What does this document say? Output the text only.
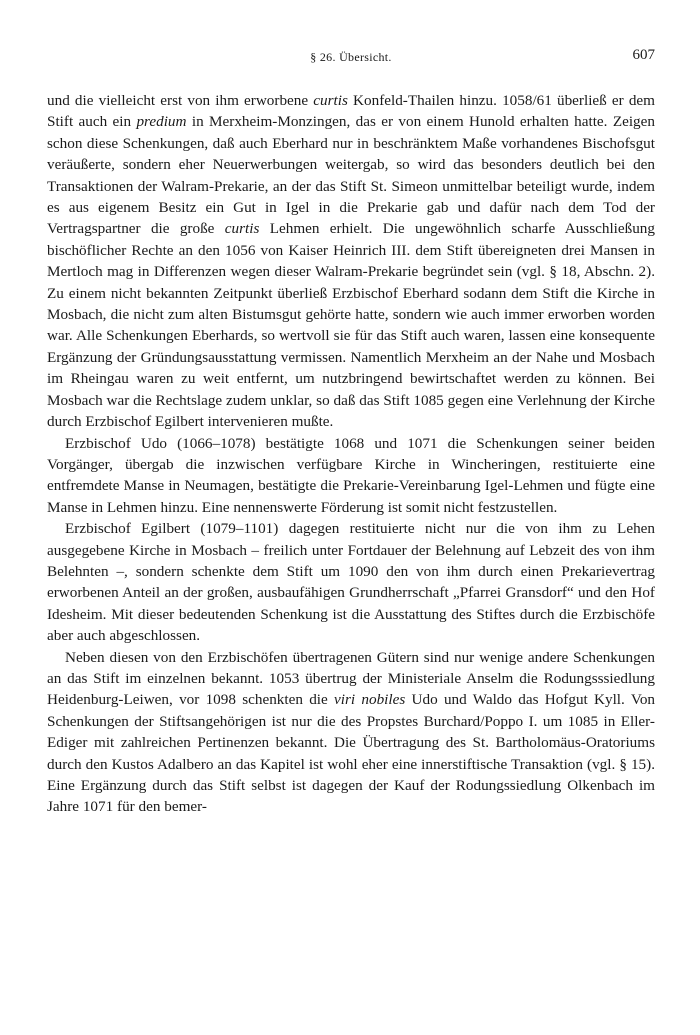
§ 26. Übersicht.	607

und die vielleicht erst von ihm erworbene curtis Konfeld-Thailen hinzu. 1058/61 überließ er dem Stift auch ein predium in Merxheim-Monzingen, das er von einem Hunold erhalten hatte. Zeigen schon diese Schenkungen, daß auch Eberhard nur in beschränktem Maße vorhandenes Bischofsgut veräußerte, sondern eher Neuerwerbungen weitergab, so wird das besonders deutlich bei den Transaktionen der Walram-Prekarie, an der das Stift St. Simeon unmittelbar beteiligt wurde, indem es aus eigenem Besitz ein Gut in Igel in die Prekarie gab und dafür nach dem Tod der Vertragspartner die große curtis Lehmen erhielt. Die ungewöhnlich scharfe Ausschließung bischöflicher Rechte an den 1056 von Kaiser Heinrich III. dem Stift übereigneten drei Mansen in Mertloch mag in Differenzen wegen dieser Walram-Prekarie begründet sein (vgl. § 18, Abschn. 2). Zu einem nicht bekannten Zeitpunkt überließ Erzbischof Eberhard sodann dem Stift die Kirche in Mosbach, die nicht zum alten Bistumsgut gehörte hatte, sondern wie auch immer erworben worden war. Alle Schenkungen Eberhards, so wertvoll sie für das Stift auch waren, lassen eine konsequente Ergänzung der Gründungsausstattung vermissen. Namentlich Merxheim an der Nahe und Mosbach im Rheingau waren zu weit entfernt, um nutzbringend bewirtschaftet werden zu können. Bei Mosbach war die Rechtslage zudem unklar, so daß das Stift 1085 gegen eine Verlehnung der Kirche durch Erzbischof Egilbert intervenieren mußte.

Erzbischof Udo (1066–1078) bestätigte 1068 und 1071 die Schenkungen seiner beiden Vorgänger, übergab die inzwischen verfügbare Kirche in Wincheringen, restituierte eine entfremdete Manse in Neumagen, bestätigte die Prekarie-Vereinbarung Igel-Lehmen und fügte eine Manse in Lehmen hinzu. Eine nennenswerte Förderung ist somit nicht festzustellen.

Erzbischof Egilbert (1079–1101) dagegen restituierte nicht nur die von ihm zu Lehen ausgegebene Kirche in Mosbach – freilich unter Fortdauer der Belehnung auf Lebzeit des von ihm Belehnten –, sondern schenkte dem Stift um 1090 den von ihm durch einen Prekarievertrag erworbenen Anteil an der großen, ausbaufähigen Grundherrschaft „Pfarrei Gransdorf“ und den Hof Idesheim. Mit dieser bedeutenden Schenkung ist die Ausstattung des Stiftes durch die Erzbischöfe aber auch abgeschlossen.

Neben diesen von den Erzbischöfen übertragenen Gütern sind nur wenige andere Schenkungen an das Stift im einzelnen bekannt. 1053 übertrug der Ministeriale Anselm die Rodungsssiedlung Heidenburg-Leiwen, vor 1098 schenkten die viri nobiles Udo und Waldo das Hofgut Kyll. Von Schenkungen der Stiftsangehörigen ist nur die des Propstes Burchard/Poppo I. um 1085 in Eller-Ediger mit zahlreichen Pertinenzen bekannt. Die Übertragung des St. Bartholomäus-Oratoriums durch den Kustos Adalbero an das Kapitel ist wohl eher eine innerstiftische Transaktion (vgl. § 15). Eine Ergänzung durch das Stift selbst ist dagegen der Kauf der Rodungssiedlung Olkenbach im Jahre 1071 für den bemer-
